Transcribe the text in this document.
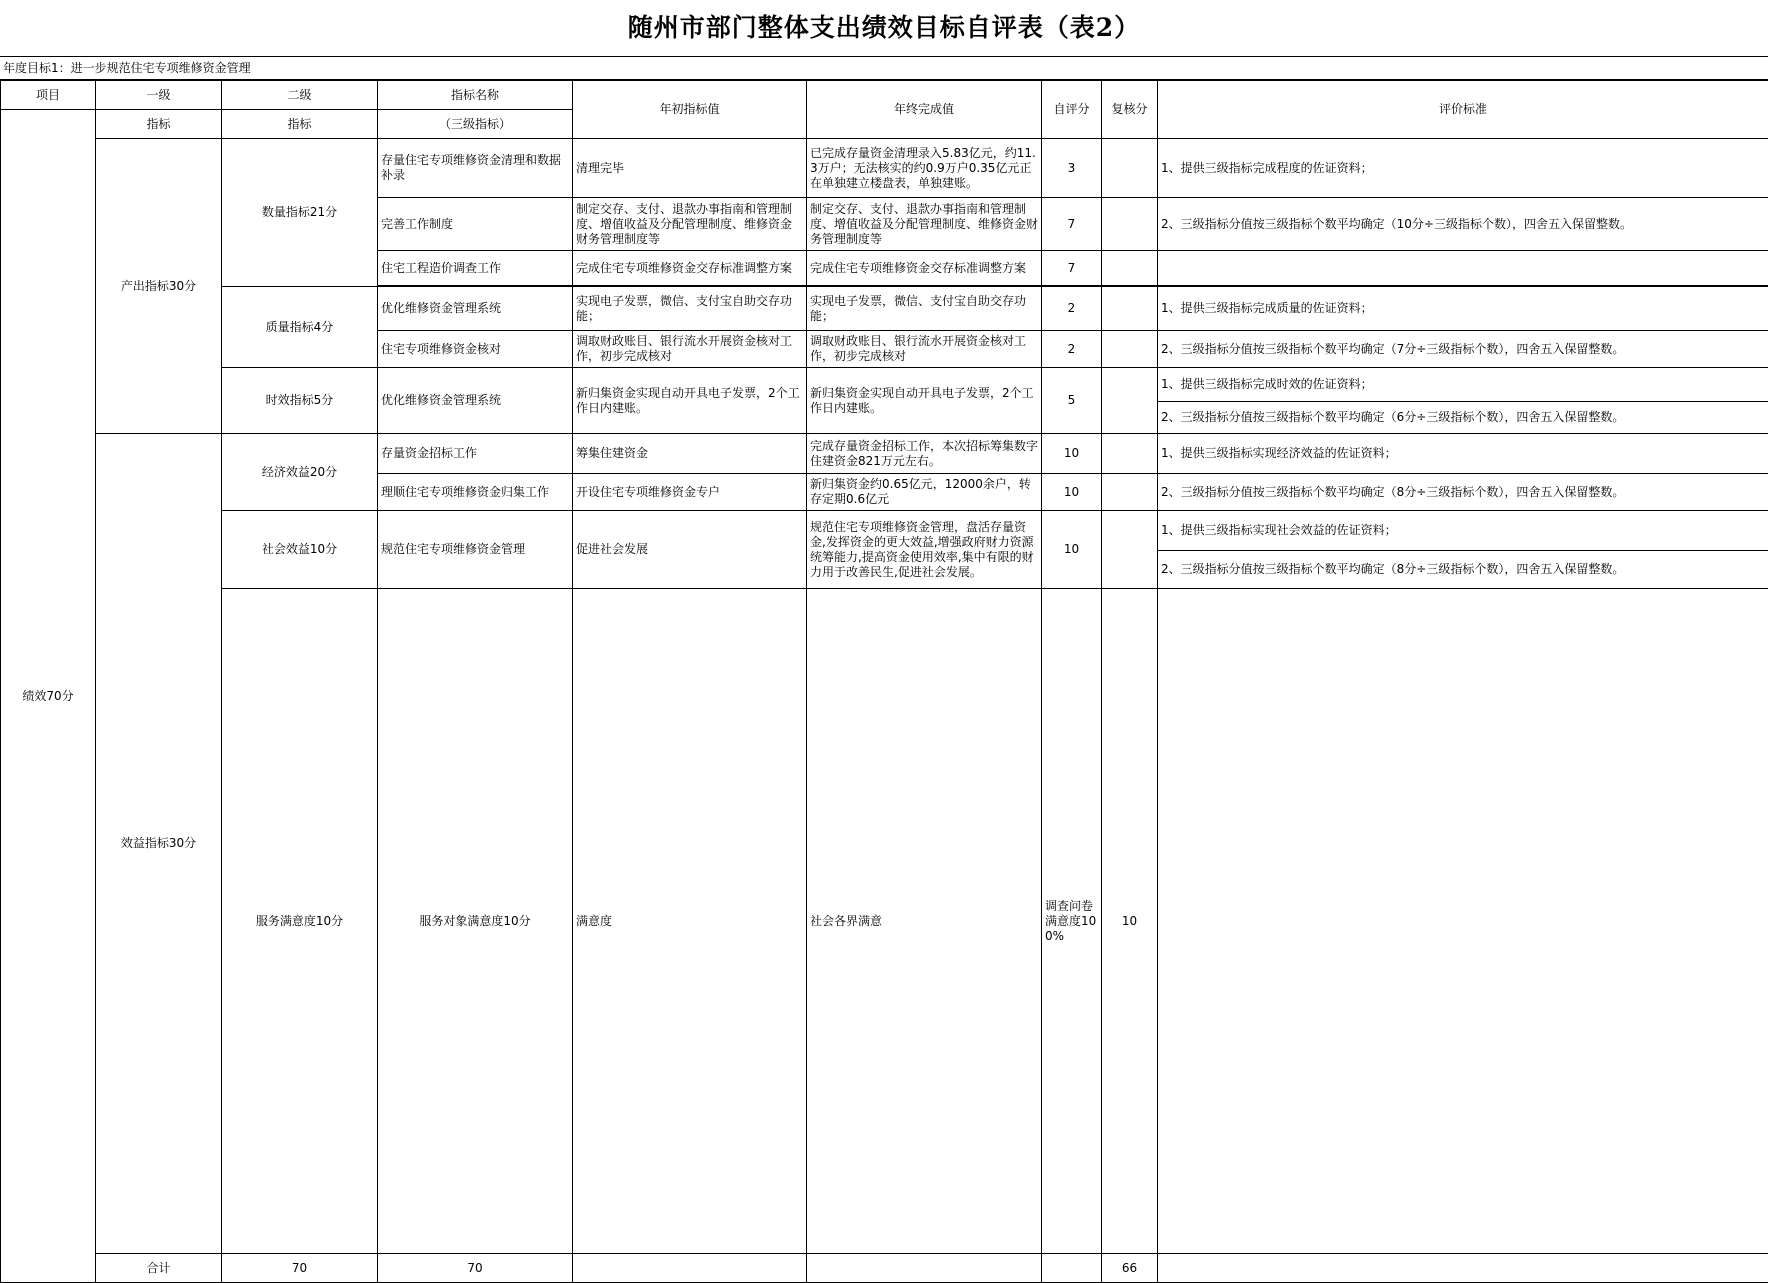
随州市部门整体支出绩效目标自评表（表2）
年度目标1：进一步规范住宅专项维修资金管理
项目	一级	二级	指标名称	年初指标值	年终完成值	自评分	复核分	评价标准	
绩效70分	指标	指标	（三级指标）						
	产出指标30分	数量指标21分	存量住宅专项维修资金清理和数据补录	清理完毕	已完成存量资金清理录入5.83亿元，约11.3万户；无法核实的约0.9万户0.35亿元正在单独建立楼盘表，单独建账。	3		1、提供三级指标完成程度的佐证资料；	

			完善工作制度	制定交存、支付、退款办事指南和管理制度、增值收益及分配管理制度、维修资金财务管理制度等	制定交存、支付、退款办事指南和管理制度、增值收益及分配管理制度、维修资金财务管理制度等	7		2、三级指标分值按三级指标个数平均确定（10分÷三级指标个数），四舍五入保留整数。	
			住宅工程造价调查工作	完成住宅专项维修资金交存标准调整方案	完成住宅专项维修资金交存标准调整方案	7			

		质量指标4分	优化维修资金管理系统	实现电子发票，微信、支付宝自助交存功能；	实现电子发票，微信、支付宝自助交存功能；	2		1、提供三级指标完成质量的佐证资料；	
			住宅专项维修资金核对	调取财政账目、银行流水开展资金核对工作，初步完成核对	调取财政账目、银行流水开展资金核对工作，初步完成核对	2		2、三级指标分值按三级指标个数平均确定（7分÷三级指标个数），四舍五入保留整数。	
		时效指标5分	优化维修资金管理系统	新归集资金实现自动开具电子发票，2个工作日内建账。	新归集资金实现自动开具电子发票，2个工作日内建账。	5		1、提供三级指标完成时效的佐证资料；	
								2、三级指标分值按三级指标个数平均确定（6分÷三级指标个数），四舍五入保留整数。	
	效益指标30分	经济效益20分	存量资金招标工作	筹集住建资金	完成存量资金招标工作，本次招标筹集数字住建资金821万元左右。	10		1、提供三级指标实现经济效益的佐证资料；	
			理顺住宅专项维修资金归集工作	开设住宅专项维修资金专户	新归集资金约0.65亿元，12000余户，转存定期0.6亿元	10		2、三级指标分值按三级指标个数平均确定（8分÷三级指标个数），四舍五入保留整数。	
		社会效益10分	规范住宅专项维修资金管理	促进社会发展	规范住宅专项维修资金管理，盘活存量资金,发挥资金的更大效益,增强政府财力资源统筹能力,提高资金使用效率,集中有限的财力用于改善民生,促进社会发展。	10		1、提供三级指标实现社会效益的佐证资料；	
								2、三级指标分值按三级指标个数平均确定（8分÷三级指标个数），四舍五入保留整数。	
		服务满意度10分	服务对象满意度10分	满意度	社会各界满意	调查问卷满意度100%	10		

	合计	70	70				66		
